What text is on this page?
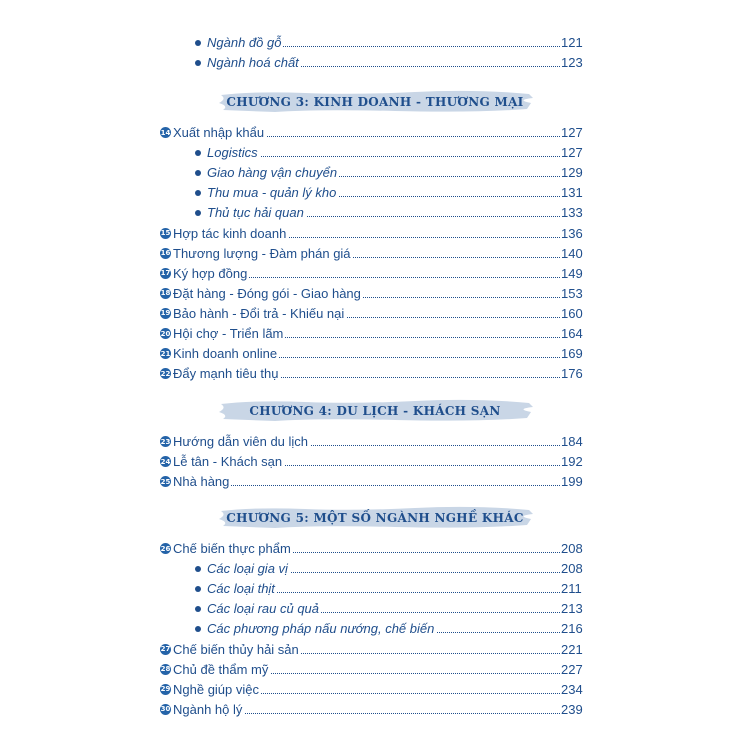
Ngành đồ gỗ	121
Ngành hoá chất	123
CHƯƠNG 3: KINH DOANH - THƯƠNG MẠI
14 Xuất nhập khẩu	127
Logistics	127
Giao hàng vận chuyển	129
Thu mua - quản lý kho	131
Thủ tục hải quan	133
15 Hợp tác kinh doanh	136
16 Thương lượng - Đàm phán giá	140
17 Ký hợp đồng	149
18 Đặt hàng - Đóng gói - Giao hàng	153
19 Bảo hành - Đổi trả - Khiếu nại	160
20 Hội chợ - Triển lãm	164
21 Kinh doanh online	169
22 Đẩy mạnh tiêu thụ	176
CHƯƠNG 4: DU LỊCH - KHÁCH SẠN
23 Hướng dẫn viên du lịch	184
24 Lễ tân - Khách sạn	192
25 Nhà hàng	199
CHƯƠNG 5: MỘT SỐ NGÀNH NGHỀ KHÁC
26 Chế biến thực phẩm	208
Các loại gia vị	208
Các loại thịt	211
Các loại rau củ quả	213
Các phương pháp nấu nướng, chế biến	216
27 Chế biến thủy hải sản	221
28 Chủ đề thẩm mỹ	227
29 Nghề giúp việc	234
30 Ngành hộ lý	239
